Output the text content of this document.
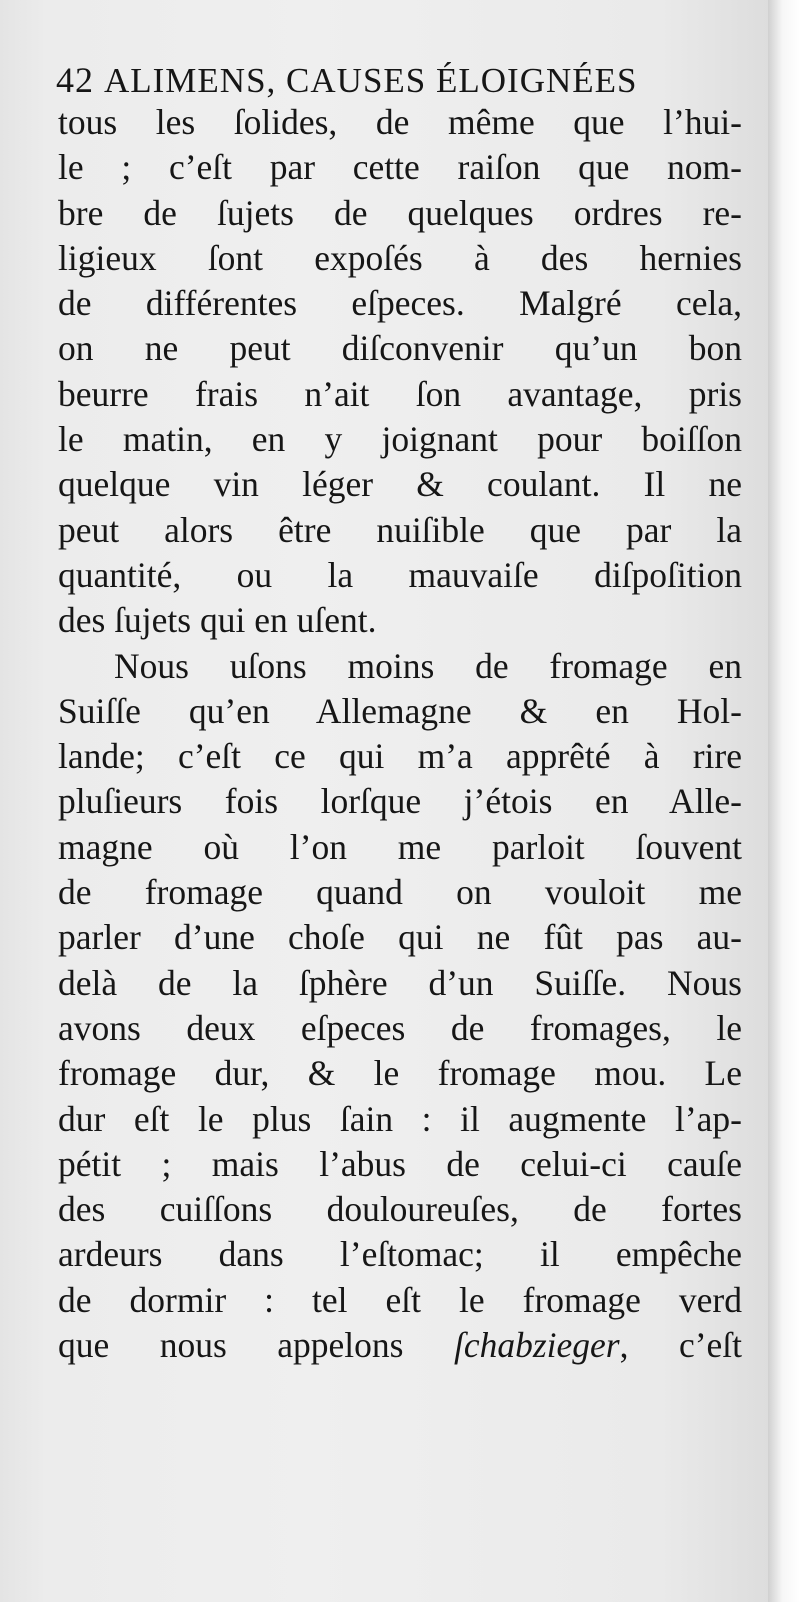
42 ALIMENS, CAUSES ÉLOIGNÉES
tous les ſolides, de même que l’hui-
le ; c’eſt par cette raiſon que nom-
bre de ſujets de quelques ordres re-
ligieux ſont expoſés à des hernies
de différentes eſpeces. Malgré cela,
on ne peut diſconvenir qu’un bon
beurre frais n’ait ſon avantage, pris
le matin, en y joignant pour boiſſon
quelque vin léger & coulant. Il ne
peut alors être nuiſible que par la
quantité, ou la mauvaiſe diſpoſition
des ſujets qui en uſent.
Nous uſons moins de fromage en
Suiſſe qu’en Allemagne & en Hol-
lande; c’eſt ce qui m’a apprêté à rire
pluſieurs fois lorſque j’étois en Alle-
magne où l’on me parloit ſouvent
de fromage quand on vouloit me
parler d’une choſe qui ne fût pas au-
delà de la ſphère d’un Suiſſe. Nous
avons deux eſpeces de fromages, le
fromage dur, & le fromage mou. Le
dur eſt le plus ſain : il augmente l’ap-
pétit ; mais l’abus de celui-ci cauſe
des cuiſſons douloureuſes, de fortes
ardeurs dans l’eſtomac; il empêche
de dormir : tel eſt le fromage verd
que nous appelons ſchabzieger, c’eſt
